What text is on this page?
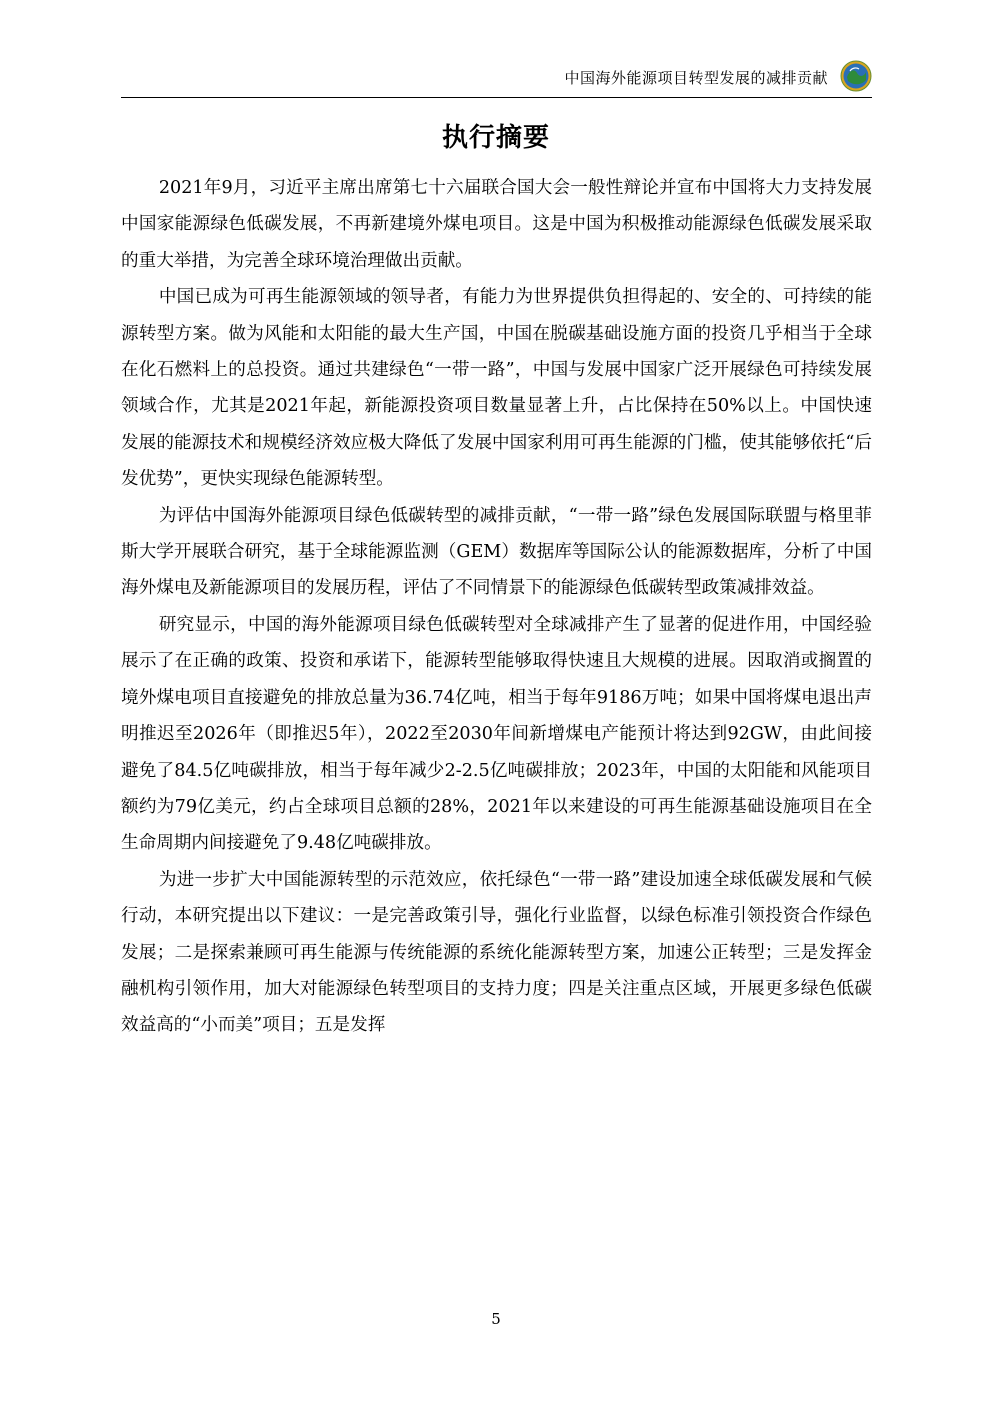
中国海外能源项目转型发展的减排贡献
执行摘要

2021年9月，习近平主席出席第七十六届联合国大会一般性辩论并宣布中国将大力支持发展中国家能源绿色低碳发展，不再新建境外煤电项目。这是中国为积极推动能源绿色低碳发展采取的重大举措，为完善全球环境治理做出贡献。

中国已成为可再生能源领域的领导者，有能力为世界提供负担得起的、安全的、可持续的能源转型方案。做为风能和太阳能的最大生产国，中国在脱碳基础设施方面的投资几乎相当于全球在化石燃料上的总投资。通过共建绿色“一带一路”，中国与发展中国家广泛开展绿色可持续发展领域合作，尤其是2021年起，新能源投资项目数量显著上升，占比保持在50%以上。中国快速发展的能源技术和规模经济效应极大降低了发展中国家利用可再生能源的门槛，使其能够依托“后发优势”，更快实现绿色能源转型。

为评估中国海外能源项目绿色低碳转型的减排贡献，“一带一路”绿色发展国际联盟与格里菲斯大学开展联合研究，基于全球能源监测（GEM）数据库等国际公认的能源数据库，分析了中国海外煤电及新能源项目的发展历程，评估了不同情景下的能源绿色低碳转型政策减排效益。

研究显示，中国的海外能源项目绿色低碳转型对全球减排产生了显著的促进作用，中国经验展示了在正确的政策、投资和承诺下，能源转型能够取得快速且大规模的进展。因取消或搁置的境外煤电项目直接避免的排放总量为36.74亿吨，相当于每年9186万吨；如果中国将煤电退出声明推迟至2026年（即推迟5年），2022至2030年间新增煤电产能预计将达到92GW，由此间接避免了84.5亿吨碳排放，相当于每年减少2-2.5亿吨碳排放；2023年，中国的太阳能和风能项目额约为79亿美元，约占全球项目总额的28%，2021年以来建设的可再生能源基础设施项目在全生命周期内间接避免了9.48亿吨碳排放。

为进一步扩大中国能源转型的示范效应，依托绿色“一带一路”建设加速全球低碳发展和气候行动，本研究提出以下建议：一是完善政策引导，强化行业监督，以绿色标准引领投资合作绿色发展；二是探索兼顾可再生能源与传统能源的系统化能源转型方案，加速公正转型；三是发挥金融机构引领作用，加大对能源绿色转型项目的支持力度；四是关注重点区域，开展更多绿色低碳效益高的“小而美”项目；五是发挥

5
